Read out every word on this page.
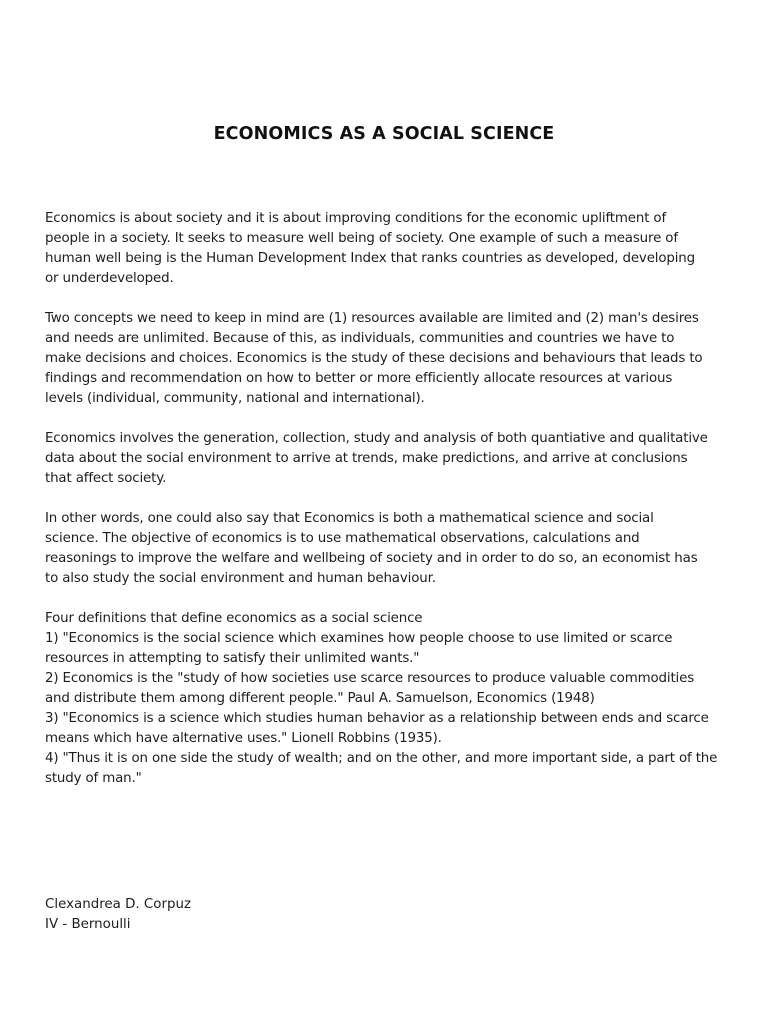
ECONOMICS AS A SOCIAL SCIENCE

Economics is about society and it is about improving conditions for the economic upliftment of
people in a society. It seeks to measure well being of society. One example of such a measure of
human well being is the Human Development Index that ranks countries as developed, developing
or underdeveloped.

Two concepts we need to keep in mind are (1) resources available are limited and (2) man's desires
and needs are unlimited. Because of this, as individuals, communities and countries we have to
make decisions and choices. Economics is the study of these decisions and behaviours that leads to
findings and recommendation on how to better or more efficiently allocate resources at various
levels (individual, community, national and international).

Economics involves the generation, collection, study and analysis of both quantiative and qualitative
data about the social environment to arrive at trends, make predictions, and arrive at conclusions
that affect society.

In other words, one could also say that Economics is both a mathematical science and social
science. The objective of economics is to use mathematical observations, calculations and
reasonings to improve the welfare and wellbeing of society and in order to do so, an economist has
to also study the social environment and human behaviour.

Four definitions that define economics as a social science
1) "Economics is the social science which examines how people choose to use limited or scarce
resources in attempting to satisfy their unlimited wants."
2) Economics is the "study of how societies use scarce resources to produce valuable commodities
and distribute them among different people." Paul A. Samuelson, Economics (1948)
3) "Economics is a science which studies human behavior as a relationship between ends and scarce
means which have alternative uses." Lionell Robbins (1935).
4) "Thus it is on one side the study of wealth; and on the other, and more important side, a part of the
study of man."

Clexandrea D. Corpuz
IV - Bernoulli
